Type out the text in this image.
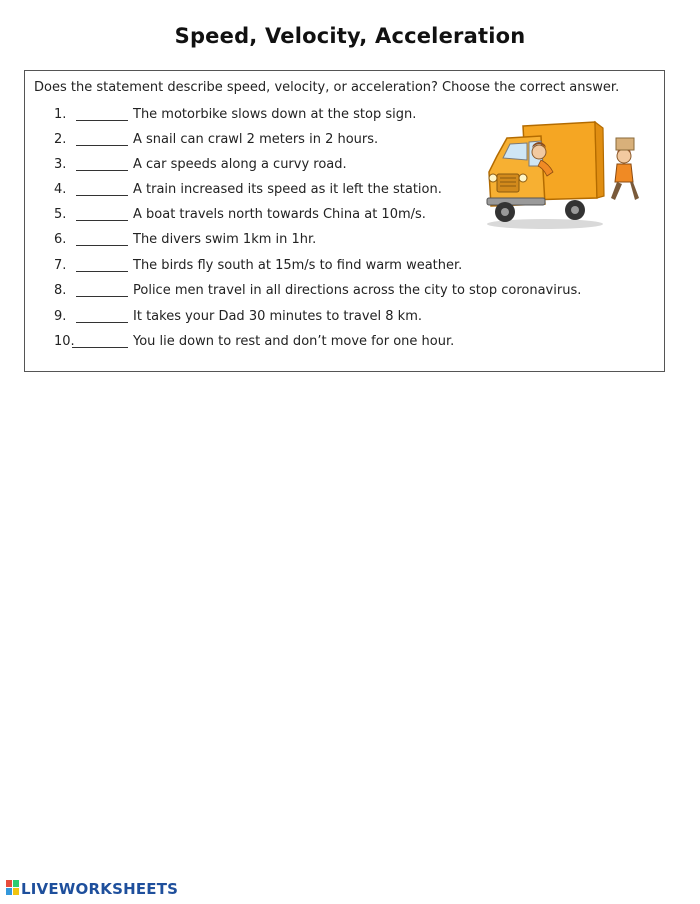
Speed, Velocity, Acceleration
Does the statement describe speed, velocity, or acceleration? Choose the correct answer.
1.	The motorbike slows down at the stop sign.
2.	A snail can crawl 2 meters in 2 hours.
3.	A car speeds along a curvy road.
4.	A train increased its speed as it left the station.
5.	A boat travels north towards China at 10m/s.
6.	The divers swim 1km in 1hr.
7.	The birds fly south at 15m/s to find warm weather.
8.	Police men travel in all directions across the city to stop coronavirus.
9.	It takes your Dad 30 minutes to travel 8 km.
10.	You lie down to rest and don’t move for one hour.
LIVEWORKSHEETS
